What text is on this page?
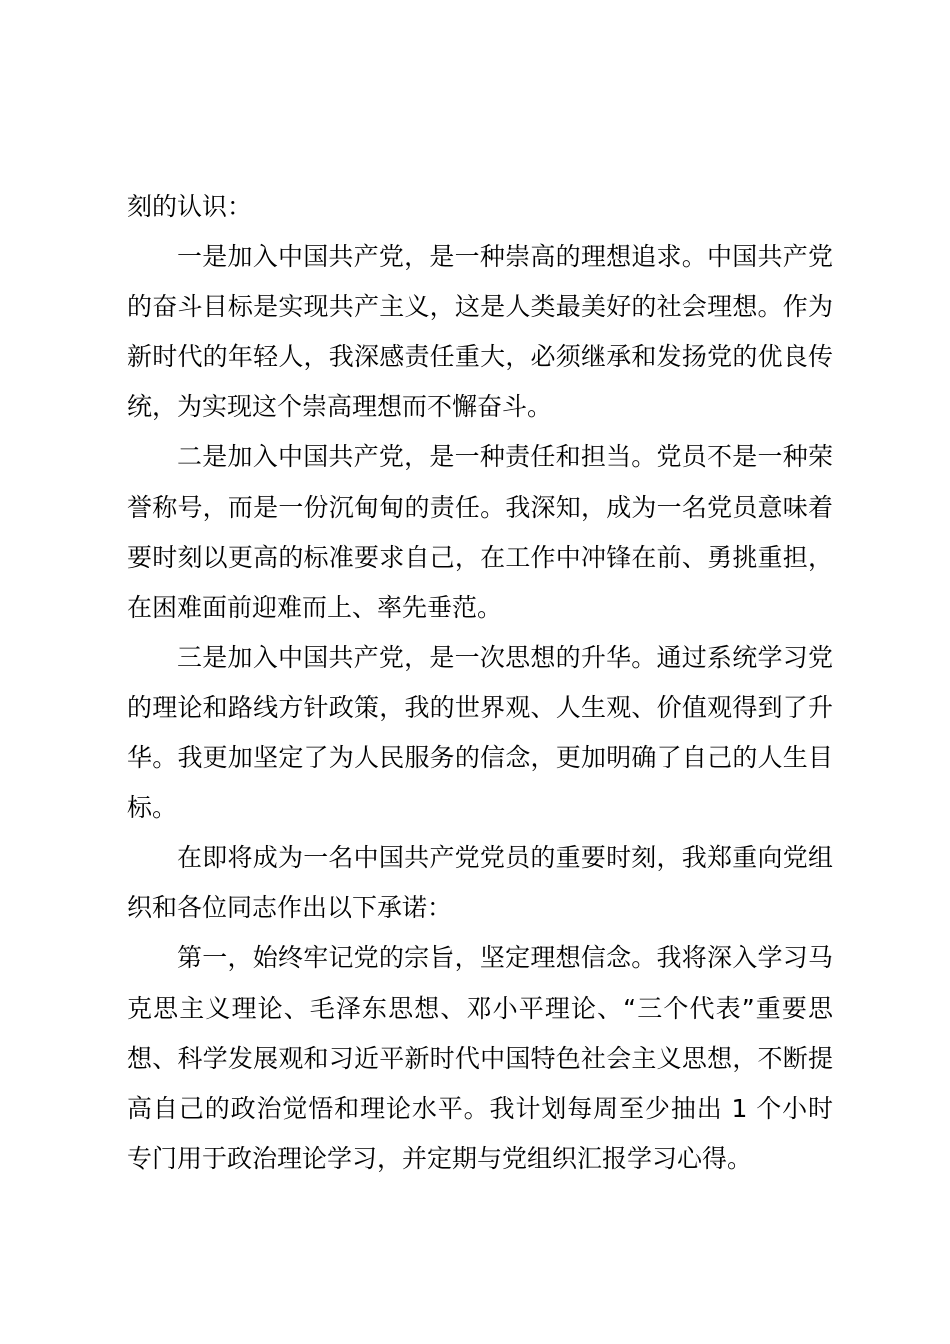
刻的认识：

一是加入中国共产党，是一种崇高的理想追求。中国共产党的奋斗目标是实现共产主义，这是人类最美好的社会理想。作为新时代的年轻人，我深感责任重大，必须继承和发扬党的优良传统，为实现这个崇高理想而不懈奋斗。

二是加入中国共产党，是一种责任和担当。党员不是一种荣誉称号，而是一份沉甸甸的责任。我深知，成为一名党员意味着要时刻以更高的标准要求自己，在工作中冲锋在前、勇挑重担，在困难面前迎难而上、率先垂范。

三是加入中国共产党，是一次思想的升华。通过系统学习党的理论和路线方针政策，我的世界观、人生观、价值观得到了升华。我更加坚定了为人民服务的信念，更加明确了自己的人生目标。

在即将成为一名中国共产党党员的重要时刻，我郑重向党组织和各位同志作出以下承诺：

第一，始终牢记党的宗旨，坚定理想信念。我将深入学习马克思主义理论、毛泽东思想、邓小平理论、“三个代表”重要思想、科学发展观和习近平新时代中国特色社会主义思想，不断提高自己的政治觉悟和理论水平。我计划每周至少抽出 1 个小时专门用于政治理论学习，并定期与党组织汇报学习心得。
